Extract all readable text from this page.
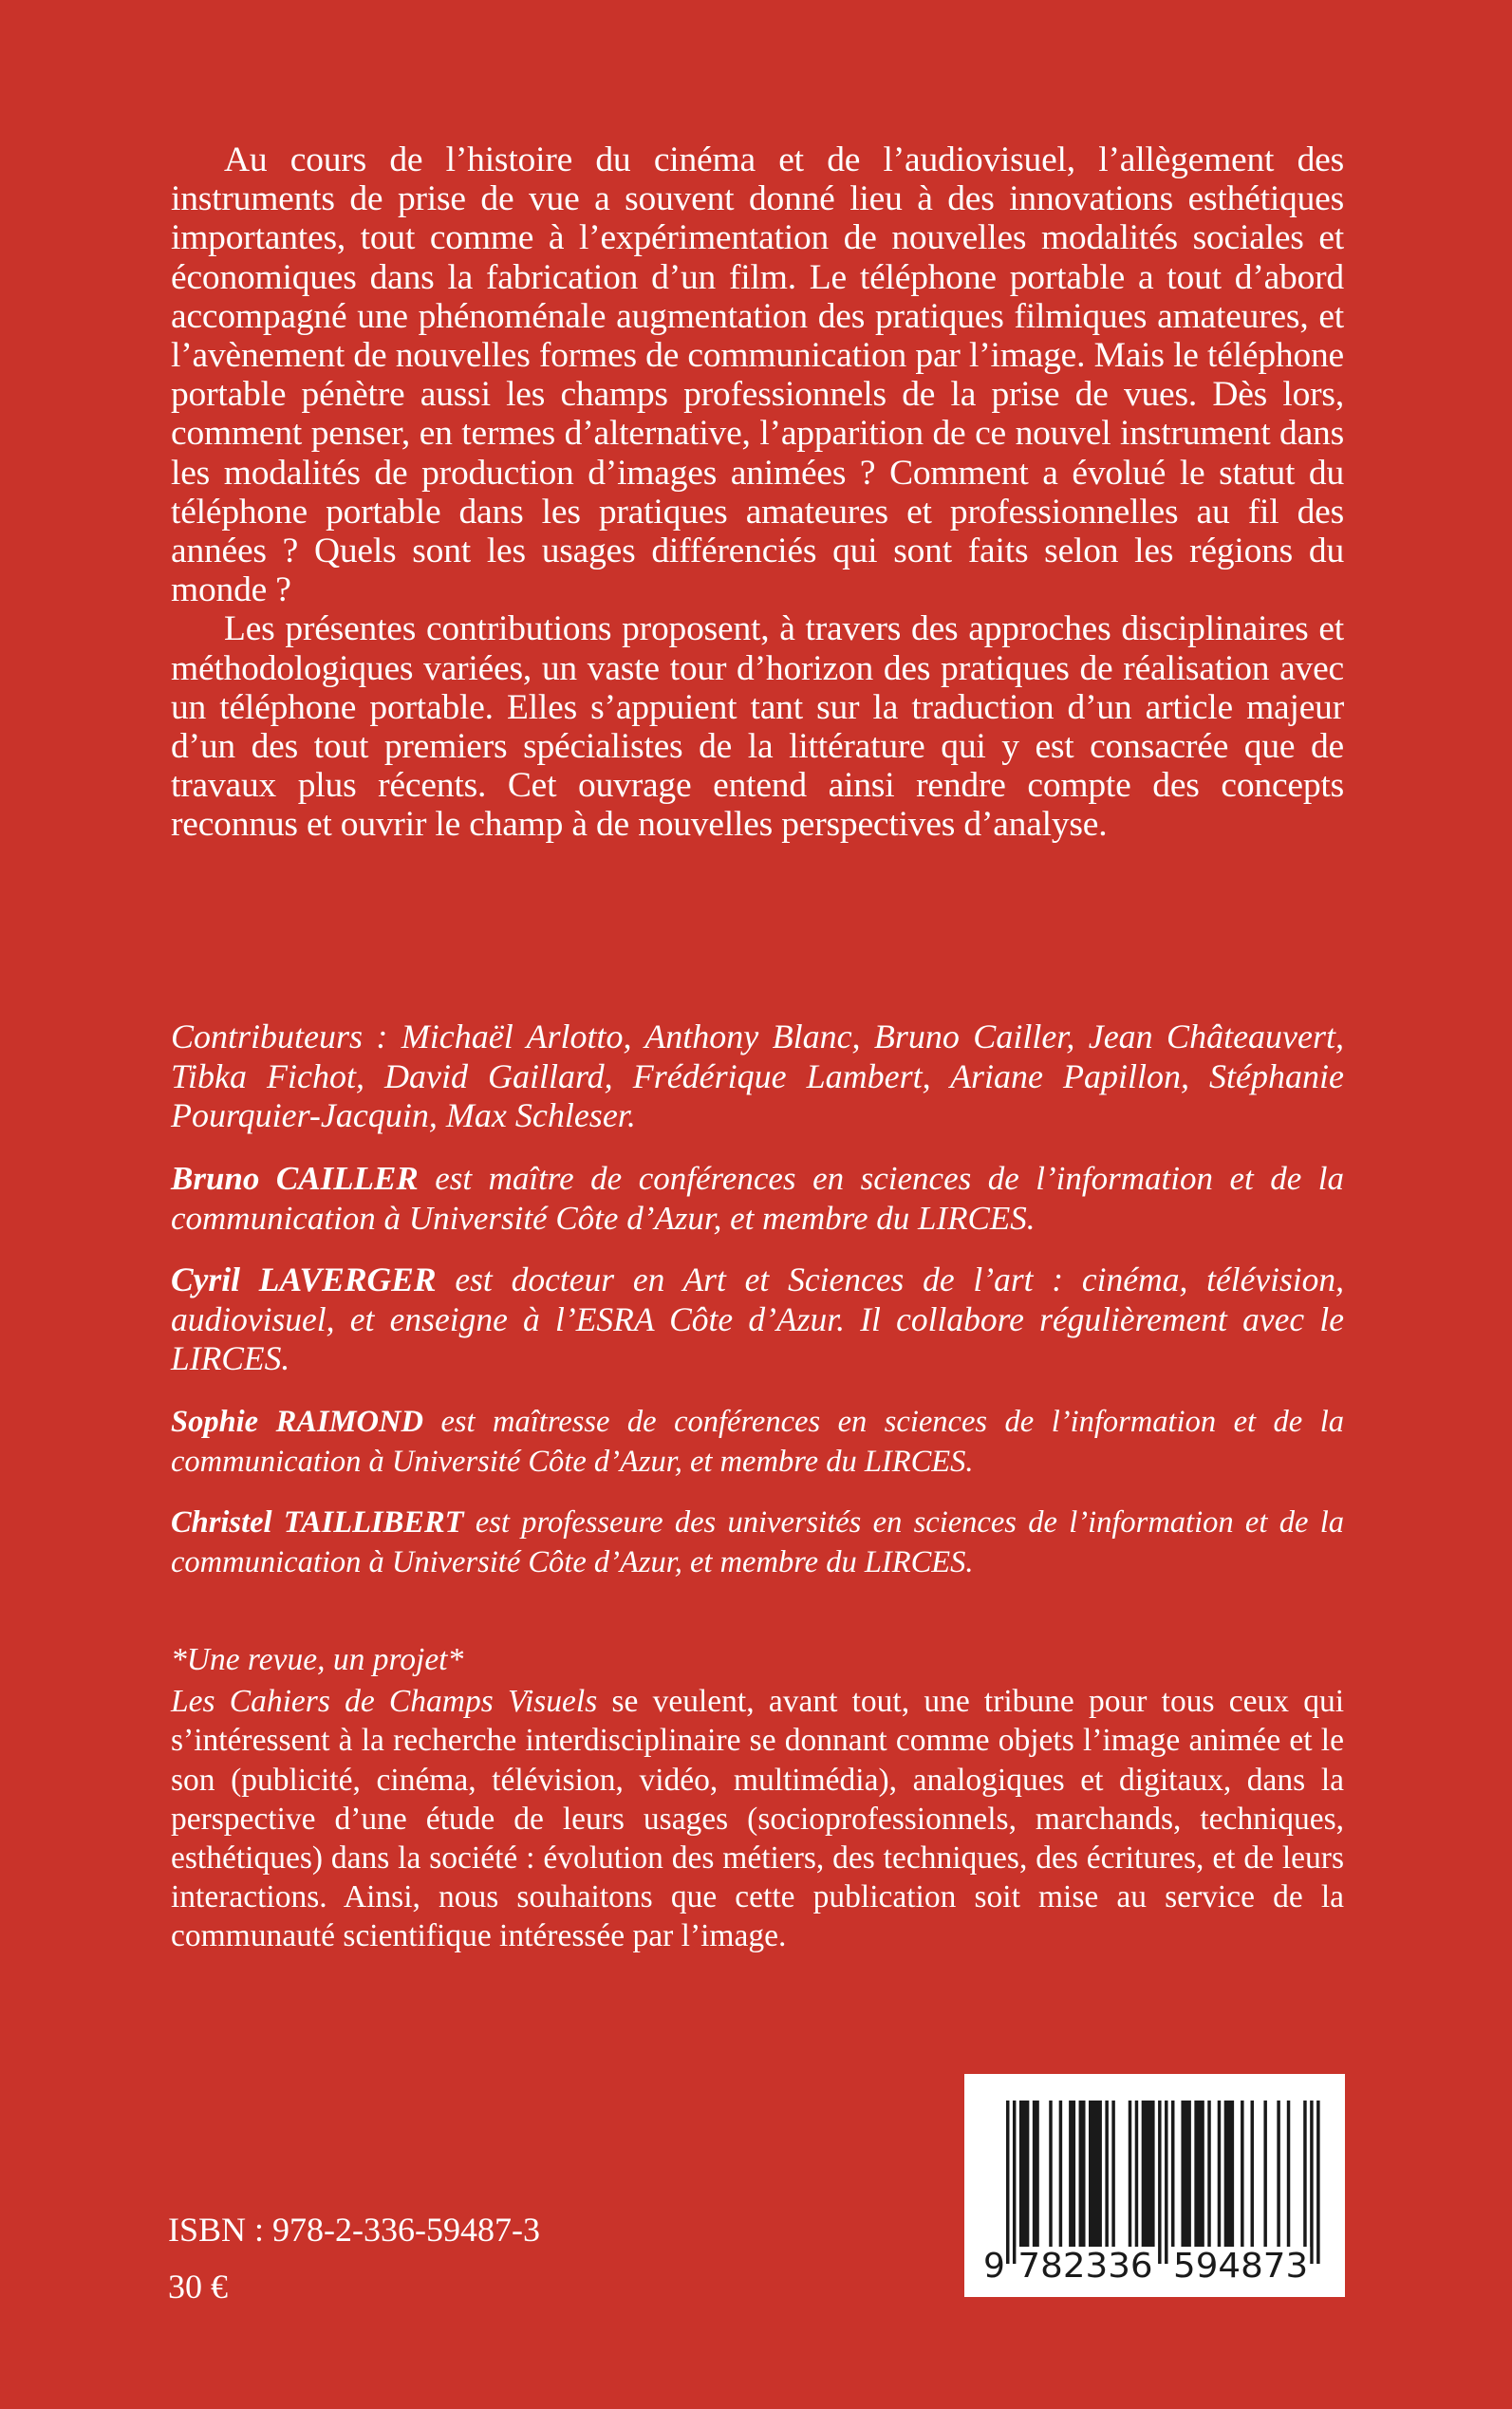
Au cours de l’histoire du cinéma et de l’audiovisuel, l’allègement des instruments de prise de vue a souvent donné lieu à des innovations esthétiques importantes, tout comme à l’expérimentation de nouvelles modalités sociales et économiques dans la fabrication d’un film. Le téléphone portable a tout d’abord accompagné une phénoménale augmentation des pratiques filmiques amateures, et l’avènement de nouvelles formes de communication par l’image. Mais le téléphone portable pénètre aussi les champs professionnels de la prise de vues. Dès lors, comment penser, en termes d’alternative, l’apparition de ce nouvel instrument dans les modalités de production d’images animées ? Comment a évolué le statut du téléphone portable dans les pratiques amateures et professionnelles au fil des années ? Quels sont les usages différenciés qui sont faits selon les régions du monde ?

Les présentes contributions proposent, à travers des approches disciplinaires et méthodologiques variées, un vaste tour d’horizon des pratiques de réalisation avec un téléphone portable. Elles s’appuient tant sur la traduction d’un article majeur d’un des tout premiers spécialistes de la littérature qui y est consacrée que de travaux plus récents. Cet ouvrage entend ainsi rendre compte des concepts reconnus et ouvrir le champ à de nouvelles perspectives d’analyse.

Contributeurs : Michaël Arlotto, Anthony Blanc, Bruno Cailler, Jean Châteauvert, Tibka Fichot, David Gaillard, Frédérique Lambert, Ariane Papillon, Stéphanie Pourquier-Jacquin, Max Schleser.
Bruno CAILLER est maître de conférences en sciences de l’information et de la communication à Université Côte d’Azur, et membre du LIRCES.
Cyril LAVERGER est docteur en Art et Sciences de l’art : cinéma, télévision, audiovisuel, et enseigne à l’ESRA Côte d’Azur. Il collabore régulièrement avec le LIRCES.
Sophie RAIMOND est maîtresse de conférences en sciences de l’information et de la communication à Université Côte d’Azur, et membre du LIRCES.
Christel TAILLIBERT est professeure des universités en sciences de l’information et de la communication à Université Côte d’Azur, et membre du LIRCES.
*Une revue, un projet*
Les Cahiers de Champs Visuels se veulent, avant tout, une tribune pour tous ceux qui s’intéressent à la recherche interdisciplinaire se donnant comme objets l’image animée et le son (publicité, cinéma, télévision, vidéo, multimédia), analogiques et digitaux, dans la perspective d’une étude de leurs usages (socioprofessionnels, marchands, techniques, esthétiques) dans la société : évolution des métiers, des techniques, des écritures, et de leurs interactions. Ainsi, nous souhaitons que cette publication soit mise au service de la communauté scientifique intéressée par l’image.
ISBN : 978-2-336-59487-3
30 €
9 782336 594873
